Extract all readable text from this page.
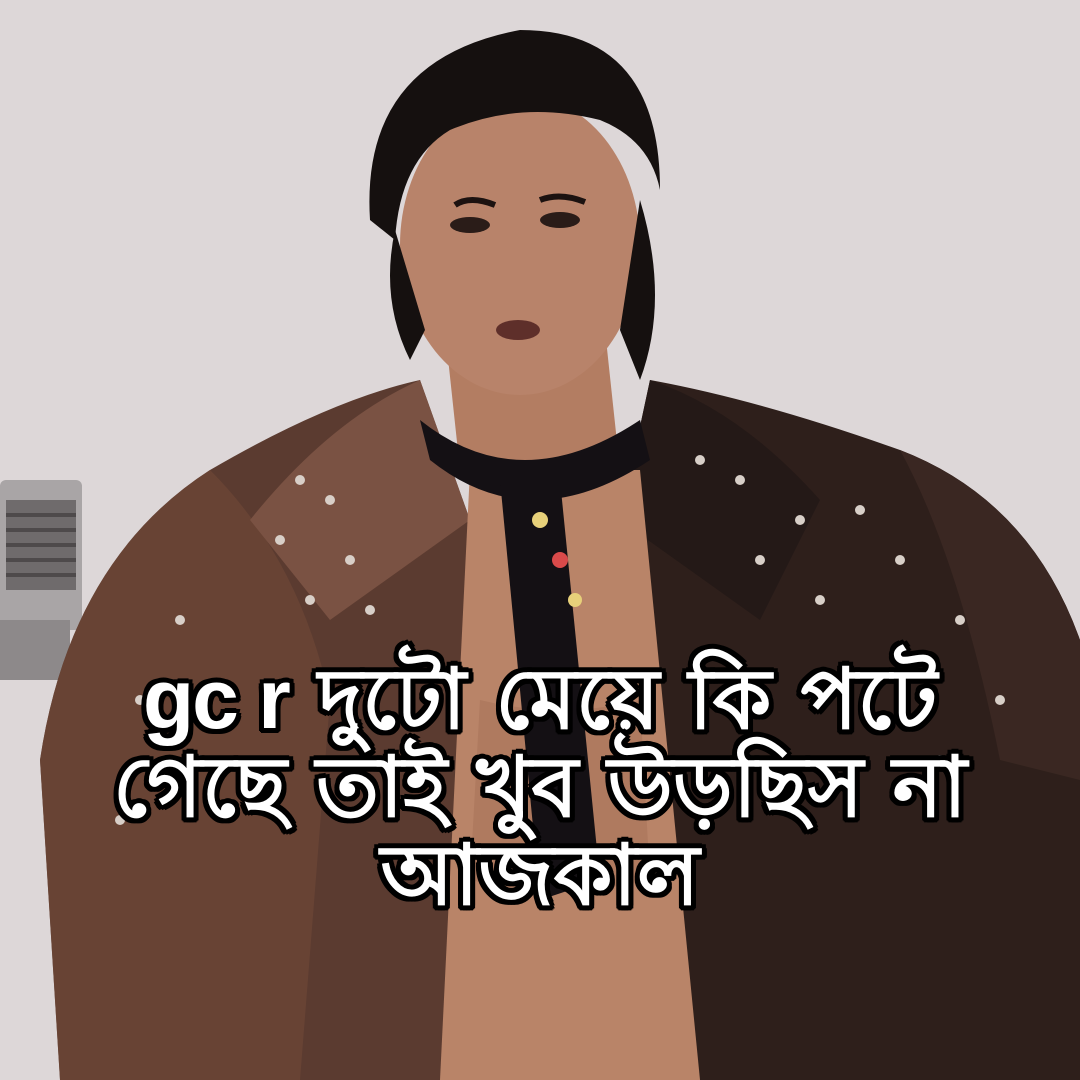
gc r দুটো মেয়ে কি পটে
গেছে তাই খুব উড়ছিস না
আজকাল
